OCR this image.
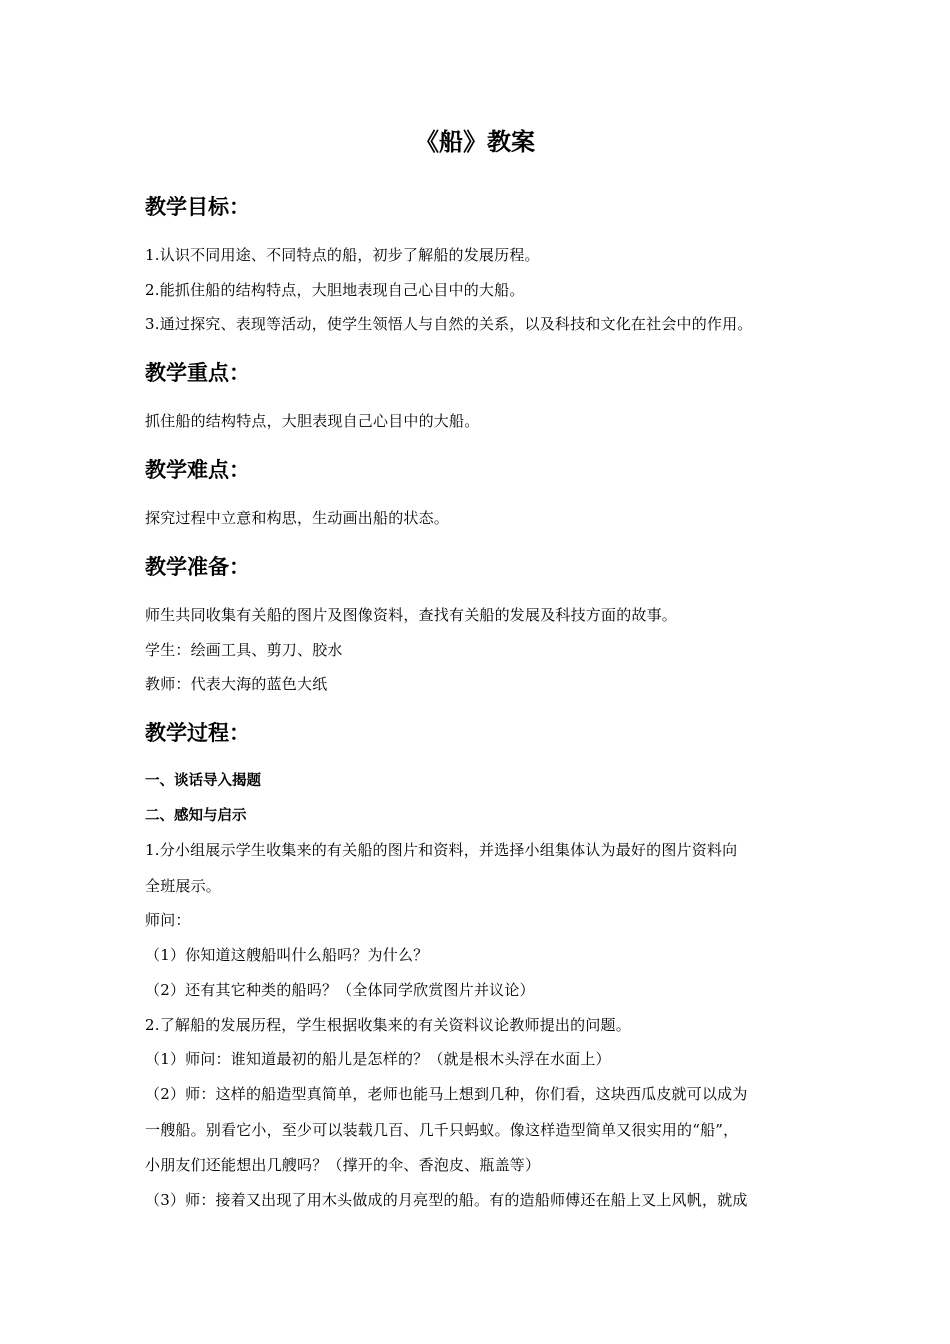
《船》教案
教学目标：
1.认识不同用途、不同特点的船，初步了解船的发展历程。
2.能抓住船的结构特点，大胆地表现自己心目中的大船。
3.通过探究、表现等活动，使学生领悟人与自然的关系，以及科技和文化在社会中的作用。
教学重点：
抓住船的结构特点，大胆表现自己心目中的大船。
教学难点：
探究过程中立意和构思，生动画出船的状态。
教学准备：
师生共同收集有关船的图片及图像资料，查找有关船的发展及科技方面的故事。
学生：绘画工具、剪刀、胶水
教师：代表大海的蓝色大纸
教学过程：
一、谈话导入揭题
二、感知与启示
1.分小组展示学生收集来的有关船的图片和资料，并选择小组集体认为最好的图片资料向
全班展示。
师问：
（1）你知道这艘船叫什么船吗？为什么？
（2）还有其它种类的船吗？（全体同学欣赏图片并议论）
2.了解船的发展历程，学生根据收集来的有关资料议论教师提出的问题。
（1）师问：谁知道最初的船儿是怎样的？（就是根木头浮在水面上）
（2）师：这样的船造型真简单，老师也能马上想到几种，你们看，这块西瓜皮就可以成为
一艘船。别看它小，至少可以装载几百、几千只蚂蚁。像这样造型简单又很实用的“船”，
小朋友们还能想出几艘吗？（撑开的伞、香泡皮、瓶盖等）
（3）师：接着又出现了用木头做成的月亮型的船。有的造船师傅还在船上叉上风帆，就成
